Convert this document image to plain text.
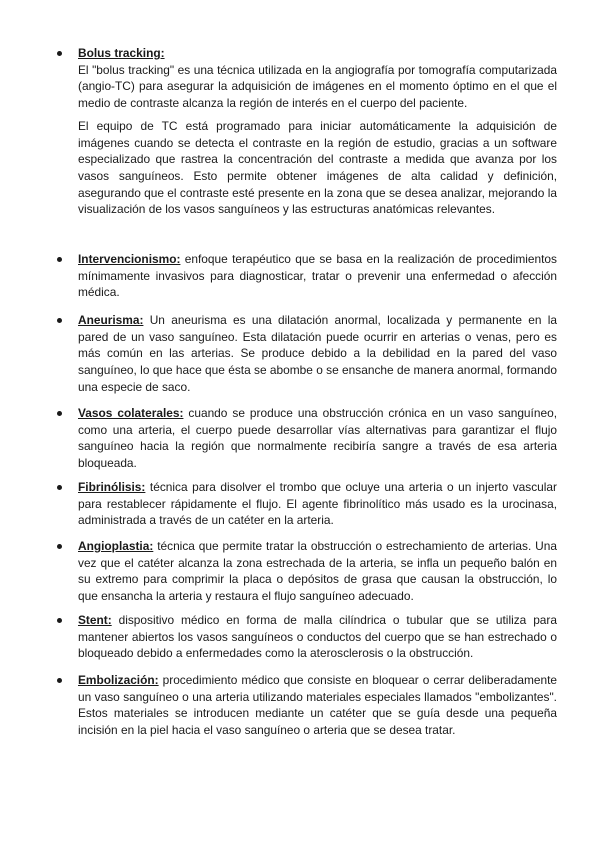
Bolus tracking:

El "bolus tracking" es una técnica utilizada en la angiografía por tomografía computarizada (angio-TC) para asegurar la adquisición de imágenes en el momento óptimo en el que el medio de contraste alcanza la región de interés en el cuerpo del paciente.

El equipo de TC está programado para iniciar automáticamente la adquisición de imágenes cuando se detecta el contraste en la región de estudio, gracias a un software especializado que rastrea la concentración del contraste a medida que avanza por los vasos sanguíneos. Esto permite obtener imágenes de alta calidad y definición, asegurando que el contraste esté presente en la zona que se desea analizar, mejorando la visualización de los vasos sanguíneos y las estructuras anatómicas relevantes.

Intervencionismo: enfoque terapéutico que se basa en la realización de procedimientos mínimamente invasivos para diagnosticar, tratar o prevenir una enfermedad o afección médica.

Aneurisma: Un aneurisma es una dilatación anormal, localizada y permanente en la pared de un vaso sanguíneo. Esta dilatación puede ocurrir en arterias o venas, pero es más común en las arterias. Se produce debido a la debilidad en la pared del vaso sanguíneo, lo que hace que ésta se abombe o se ensanche de manera anormal, formando una especie de saco.

Vasos colaterales: cuando se produce una obstrucción crónica en un vaso sanguíneo, como una arteria, el cuerpo puede desarrollar vías alternativas para garantizar el flujo sanguíneo hacia la región que normalmente recibiría sangre a través de esa arteria bloqueada.

Fibrinólisis: técnica para disolver el trombo que ocluye una arteria o un injerto vascular para restablecer rápidamente el flujo. El agente fibrinolítico más usado es la urocinasa, administrada a través de un catéter en la arteria.

Angioplastia: técnica que permite tratar la obstrucción o estrechamiento de arterias. Una vez que el catéter alcanza la zona estrechada de la arteria, se infla un pequeño balón en su extremo para comprimir la placa o depósitos de grasa que causan la obstrucción, lo que ensancha la arteria y restaura el flujo sanguíneo adecuado.

Stent: dispositivo médico en forma de malla cilíndrica o tubular que se utiliza para mantener abiertos los vasos sanguíneos o conductos del cuerpo que se han estrechado o bloqueado debido a enfermedades como la aterosclerosis o la obstrucción.

Embolización: procedimiento médico que consiste en bloquear o cerrar deliberadamente un vaso sanguíneo o una arteria utilizando materiales especiales llamados "embolizantes". Estos materiales se introducen mediante un catéter que se guía desde una pequeña incisión en la piel hacia el vaso sanguíneo o arteria que se desea tratar.
